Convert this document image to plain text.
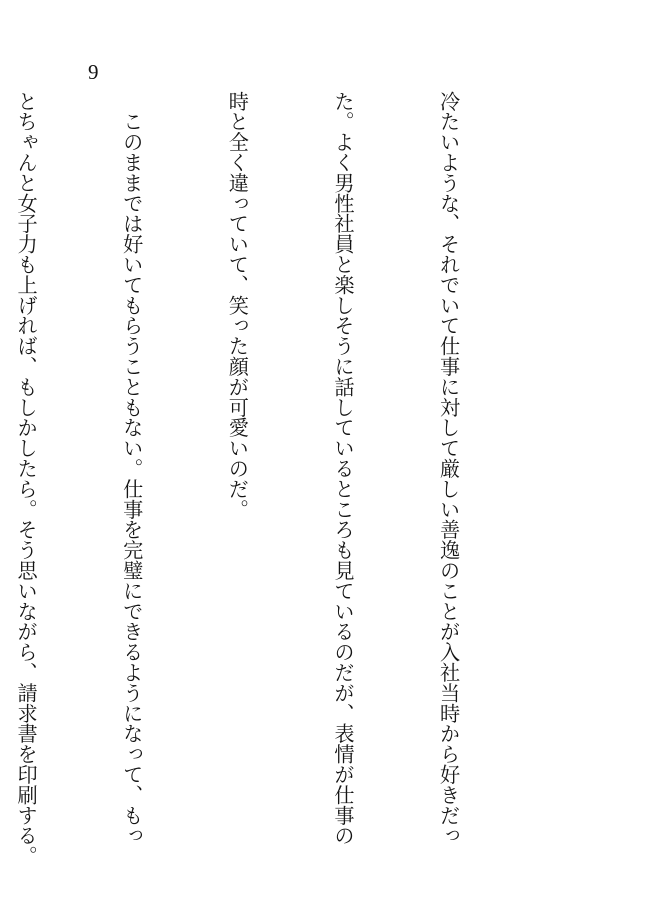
9

冷たいような、それでいて仕事に対して厳しい善逸のことが入社当時から好きだっ

た。よく男性社員と楽しそうに話しているところも見ているのだが、表情が仕事の

時と全く違っていて、笑った顔が可愛いのだ。

　このままでは好いてもらうこともない。仕事を完璧にできるようになって、もっ

とちゃんと女子力も上げれば、もしかしたら。そう思いながら、請求書を印刷する。
